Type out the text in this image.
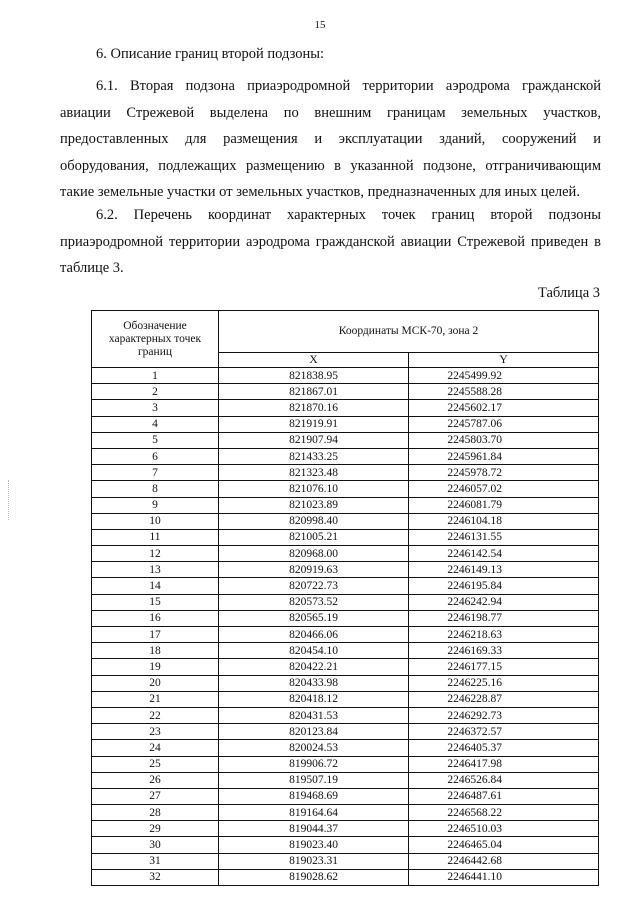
15
6. Описание границ второй подзоны:

6.1. Вторая подзона приаэродромной территории аэродрома гражданской авиации Стрежевой выделена по внешним границам земельных участков, предоставленных для размещения и эксплуатации зданий, сооружений и оборудования, подлежащих размещению в указанной подзоне, отграничивающим такие земельные участки от земельных участков, предназначенных для иных целей.

6.2. Перечень координат характерных точек границ второй подзоны приаэродромной территории аэродрома гражданской авиации Стрежевой приведен в таблице 3.

Таблица 3
Обозначение характерных точек границ	Координаты МСК-70, зона 2	
	X	Y
1	821838.95	2245499.92
2	821867.01	2245588.28
3	821870.16	2245602.17
4	821919.91	2245787.06
5	821907.94	2245803.70
6	821433.25	2245961.84
7	821323.48	2245978.72
8	821076.10	2246057.02
9	821023.89	2246081.79
10	820998.40	2246104.18
11	821005.21	2246131.55
12	820968.00	2246142.54
13	820919.63	2246149.13
14	820722.73	2246195.84
15	820573.52	2246242.94
16	820565.19	2246198.77
17	820466.06	2246218.63
18	820454.10	2246169.33
19	820422.21	2246177.15
20	820433.98	2246225.16
21	820418.12	2246228.87
22	820431.53	2246292.73
23	820123.84	2246372.57
24	820024.53	2246405.37
25	819906.72	2246417.98
26	819507.19	2246526.84
27	819468.69	2246487.61
28	819164.64	2246568.22
29	819044.37	2246510.03
30	819023.40	2246465.04
31	819023.31	2246442.68
32	819028.62	2246441.10
